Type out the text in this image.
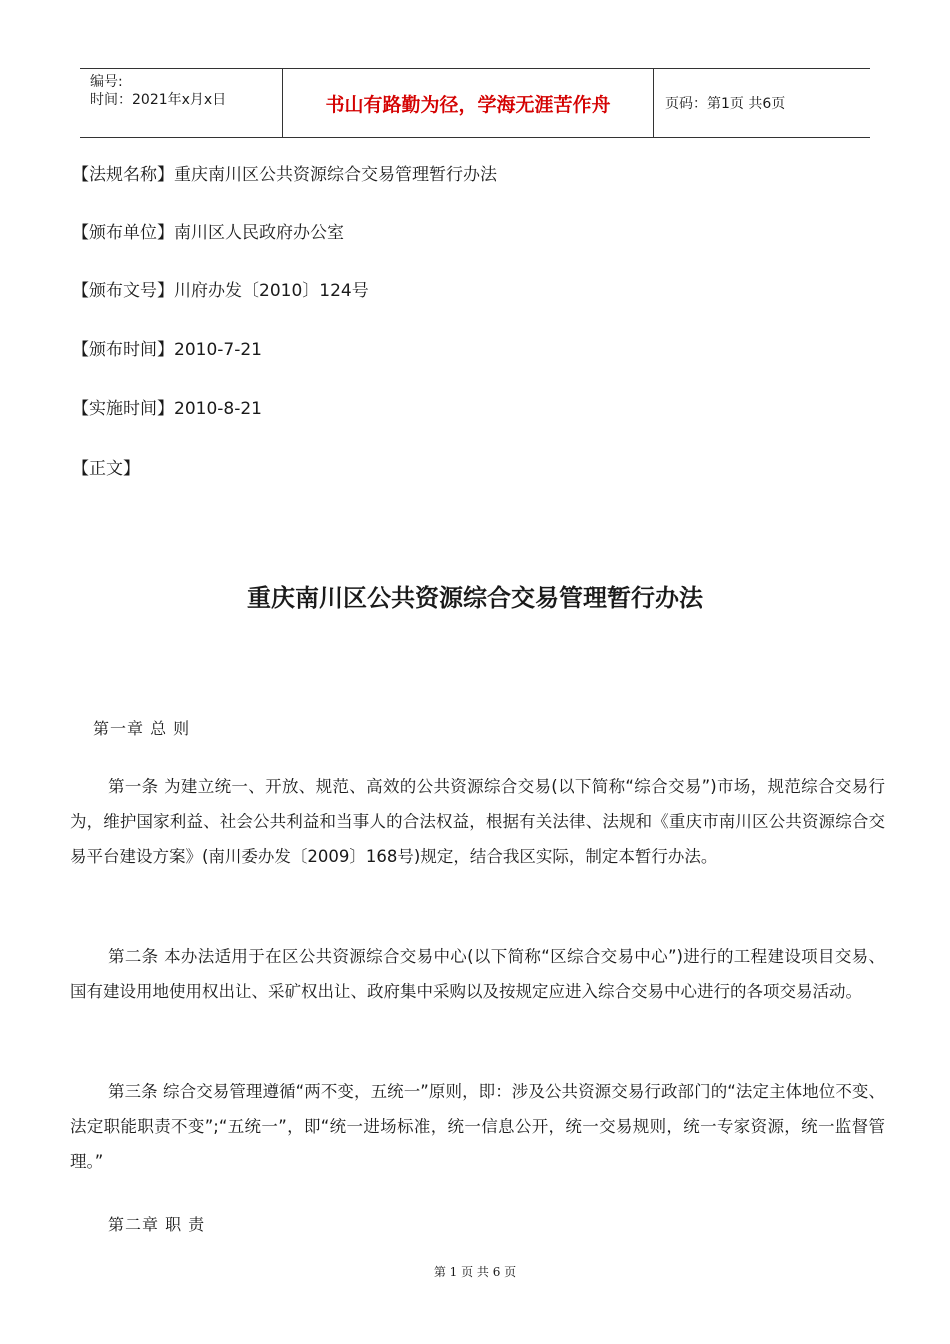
编号:
时间：2021年x月x日	书山有路勤为径，学海无涯苦作舟	页码：第1页 共6页
【法规名称】重庆南川区公共资源综合交易管理暂行办法
【颁布单位】南川区人民政府办公室
【颁布文号】川府办发〔2010〕124号
【颁布时间】2010-7-21
【实施时间】2010-8-21
【正文】
重庆南川区公共资源综合交易管理暂行办法
第一章 总 则
第一条 为建立统一、开放、规范、高效的公共资源综合交易(以下简称“综合交易”)市场，规范综合交易行为，维护国家利益、社会公共利益和当事人的合法权益，根据有关法律、法规和《重庆市南川区公共资源综合交易平台建设方案》(南川委办发〔2009〕168号)规定，结合我区实际，制定本暂行办法。
第二条 本办法适用于在区公共资源综合交易中心(以下简称“区综合交易中心”)进行的工程建设项目交易、国有建设用地使用权出让、采矿权出让、政府集中采购以及按规定应进入综合交易中心进行的各项交易活动。
第三条 综合交易管理遵循“两不变，五统一”原则，即：涉及公共资源交易行政部门的“法定主体地位不变、法定职能职责不变”;“五统一”，即“统一进场标准，统一信息公开，统一交易规则，统一专家资源，统一监督管理。”
第二章 职 责
第 1 页 共 6 页
